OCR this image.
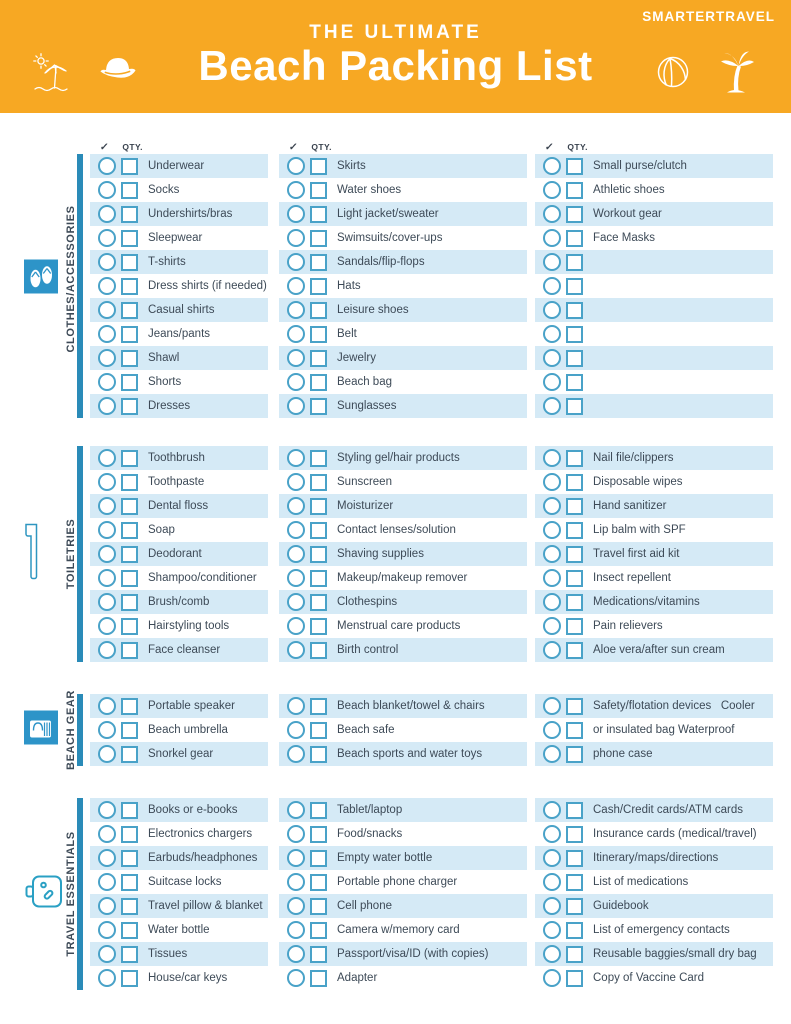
THE ULTIMATE
Beach Packing List
SMARTERTRAVEL
CLOTHES/ACCESSORIES
✓ QTY.
Underwear
Socks
Undershirts/bras
Sleepwear
T-shirts
Dress shirts (if needed)
Casual shirts
Jeans/pants
Shawl
Shorts
Dresses
✓ QTY.
Skirts
Water shoes
Light jacket/sweater
Swimsuits/cover-ups
Sandals/flip-flops
Hats
Leisure shoes
Belt
Jewelry
Beach bag
Sunglasses
✓ QTY.
Small purse/clutch
Athletic shoes
Workout gear
Face Masks
TOILETRIES
Toothbrush
Toothpaste
Dental floss
Soap
Deodorant
Shampoo/conditioner
Brush/comb
Hairstyling tools
Face cleanser
Styling gel/hair products
Sunscreen
Moisturizer
Contact lenses/solution
Shaving supplies
Makeup/makeup remover
Clothespins
Menstrual care products
Birth control
Nail file/clippers
Disposable wipes
Hand sanitizer
Lip balm with SPF
Travel first aid kit
Insect repellent
Medications/vitamins
Pain relievers
Aloe vera/after sun cream
BEACH GEAR	Portable speaker
Beach umbrella
Snorkel gear
Beach blanket/towel & chairs
Beach safe
Beach sports and water toys
Safety/flotation devices   Cooler
or insulated bag Waterproof
phone case
TRAVEL ESSENTIALS
Books or e-books
Electronics chargers
Earbuds/headphones
Suitcase locks
Travel pillow & blanket
Water bottle
Tissues
House/car keys
Tablet/laptop
Food/snacks
Empty water bottle
Portable phone charger
Cell phone
Camera w/memory card
Passport/visa/ID (with copies)
Adapter
Cash/Credit cards/ATM cards
Insurance cards (medical/travel)
Itinerary/maps/directions
List of medications
Guidebook
List of emergency contacts
Reusable baggies/small dry bag
Copy of Vaccine Card
